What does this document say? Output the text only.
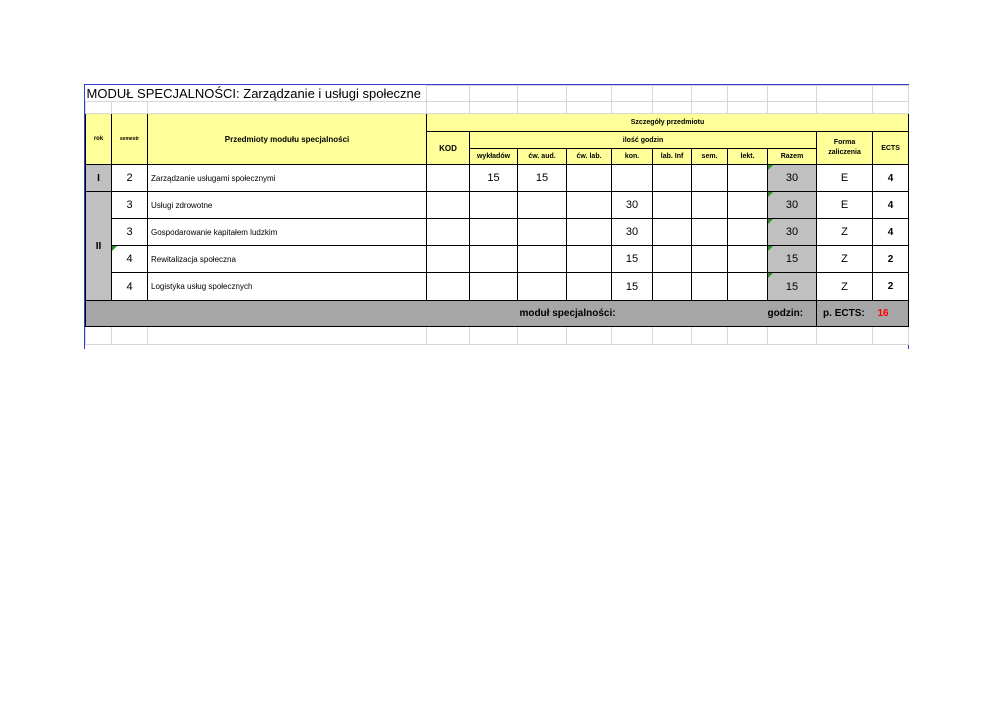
MODUŁ SPECJALNOŚCI: Zarządzanie i usługi społeczne													

rok	semestr	Przedmioty modułu specjalności	Szczegóły przedmiotu										
			KOD	ilość godzin								Forma zaliczenia	ECTS
				wykładów	ćw. aud.	ćw. lab.	kon.	lab. Inf	sem.	lekt.	Razem		
I	2	Zarządzanie usługami społecznymi		15	15						30	E	4
II	3	Usługi zdrowotne					30				30	E	4
	3	Gospodarowanie kapitałem ludzkim					30				30	Z	4
	4	Rewitalizacja społeczna					15				15	Z	2
	4	Logistyka usług społecznych					15				15	Z	2
		moduł specjalności:									godzin:	p. ECTS: 16	
